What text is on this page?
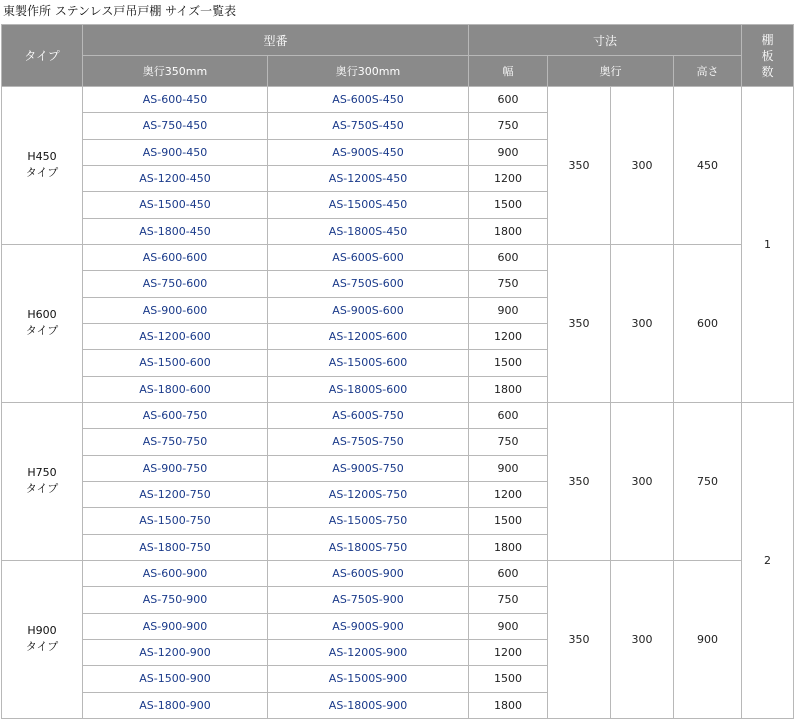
東製作所 ステンレス戸吊戸棚 サイズ一覧表
タイプ	型番		寸法				棚
板
数
	奥行350mm	奥行300mm	幅	奥行		高さ	
H450
タイプ	AS-600-450	AS-600S-450	600	350	300	450	1
	AS-750-450	AS-750S-450	750				
	AS-900-450	AS-900S-450	900				
	AS-1200-450	AS-1200S-450	1200				
	AS-1500-450	AS-1500S-450	1500				
	AS-1800-450	AS-1800S-450	1800				
H600
タイプ	AS-600-600	AS-600S-600	600	350	300	600	
	AS-750-600	AS-750S-600	750				
	AS-900-600	AS-900S-600	900				
	AS-1200-600	AS-1200S-600	1200				
	AS-1500-600	AS-1500S-600	1500				
	AS-1800-600	AS-1800S-600	1800				
H750
タイプ	AS-600-750	AS-600S-750	600	350	300	750	2
	AS-750-750	AS-750S-750	750				
	AS-900-750	AS-900S-750	900				
	AS-1200-750	AS-1200S-750	1200				
	AS-1500-750	AS-1500S-750	1500				
	AS-1800-750	AS-1800S-750	1800				
H900
タイプ	AS-600-900	AS-600S-900	600	350	300	900	
	AS-750-900	AS-750S-900	750				
	AS-900-900	AS-900S-900	900				
	AS-1200-900	AS-1200S-900	1200				
	AS-1500-900	AS-1500S-900	1500				
	AS-1800-900	AS-1800S-900	1800				
